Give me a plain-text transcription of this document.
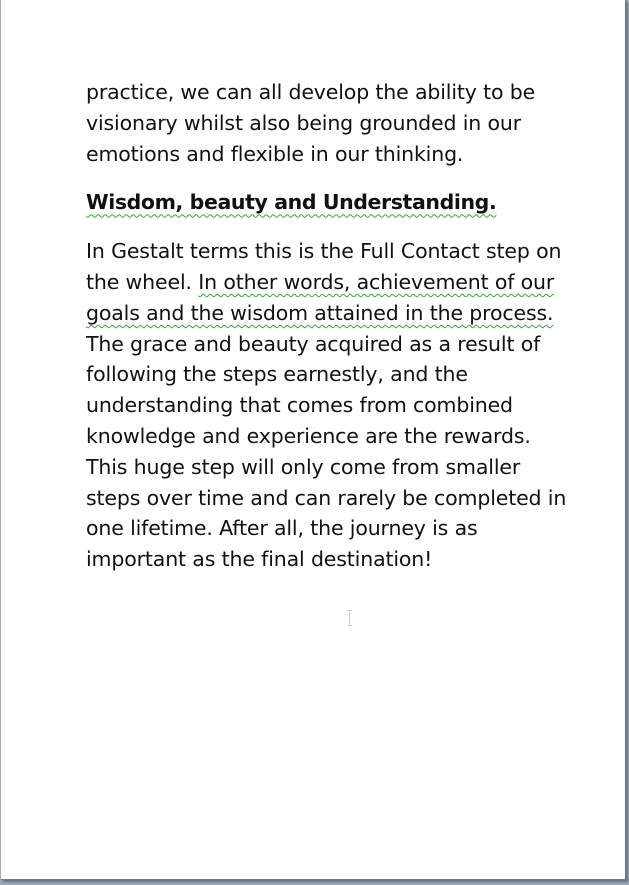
practice, we can all develop the ability to be
visionary whilst also being grounded in our
emotions and flexible in our thinking.

Wisdom, beauty and Understanding.

In Gestalt terms this is the Full Contact step on
the wheel. In other words, achievement of our
goals and the wisdom attained in the process.
The grace and beauty acquired as a result of
following the steps earnestly, and the
understanding that comes from combined
knowledge and experience are the rewards.
This huge step will only come from smaller
steps over time and can rarely be completed in
one lifetime. After all, the journey is as
important as the final destination!
